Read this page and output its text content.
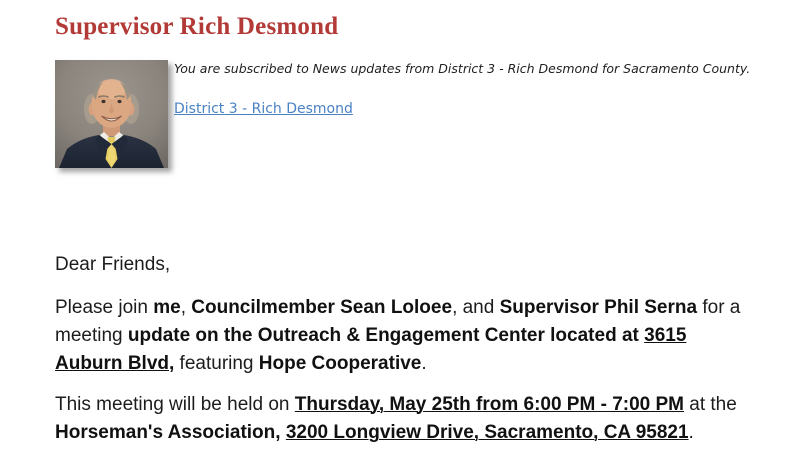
Supervisor Rich Desmond
You are subscribed to News updates from District 3 - Rich Desmond for Sacramento County.
District 3 - Rich Desmond

Dear Friends,

Please join me, Councilmember Sean Loloee, and Supervisor Phil Serna for a meeting update on the Outreach & Engagement Center located at 3615 Auburn Blvd, featuring Hope Cooperative.

This meeting will be held on Thursday, May 25th from 6:00 PM - 7:00 PM at the Horseman's Association, 3200 Longview Drive, Sacramento, CA 95821.
